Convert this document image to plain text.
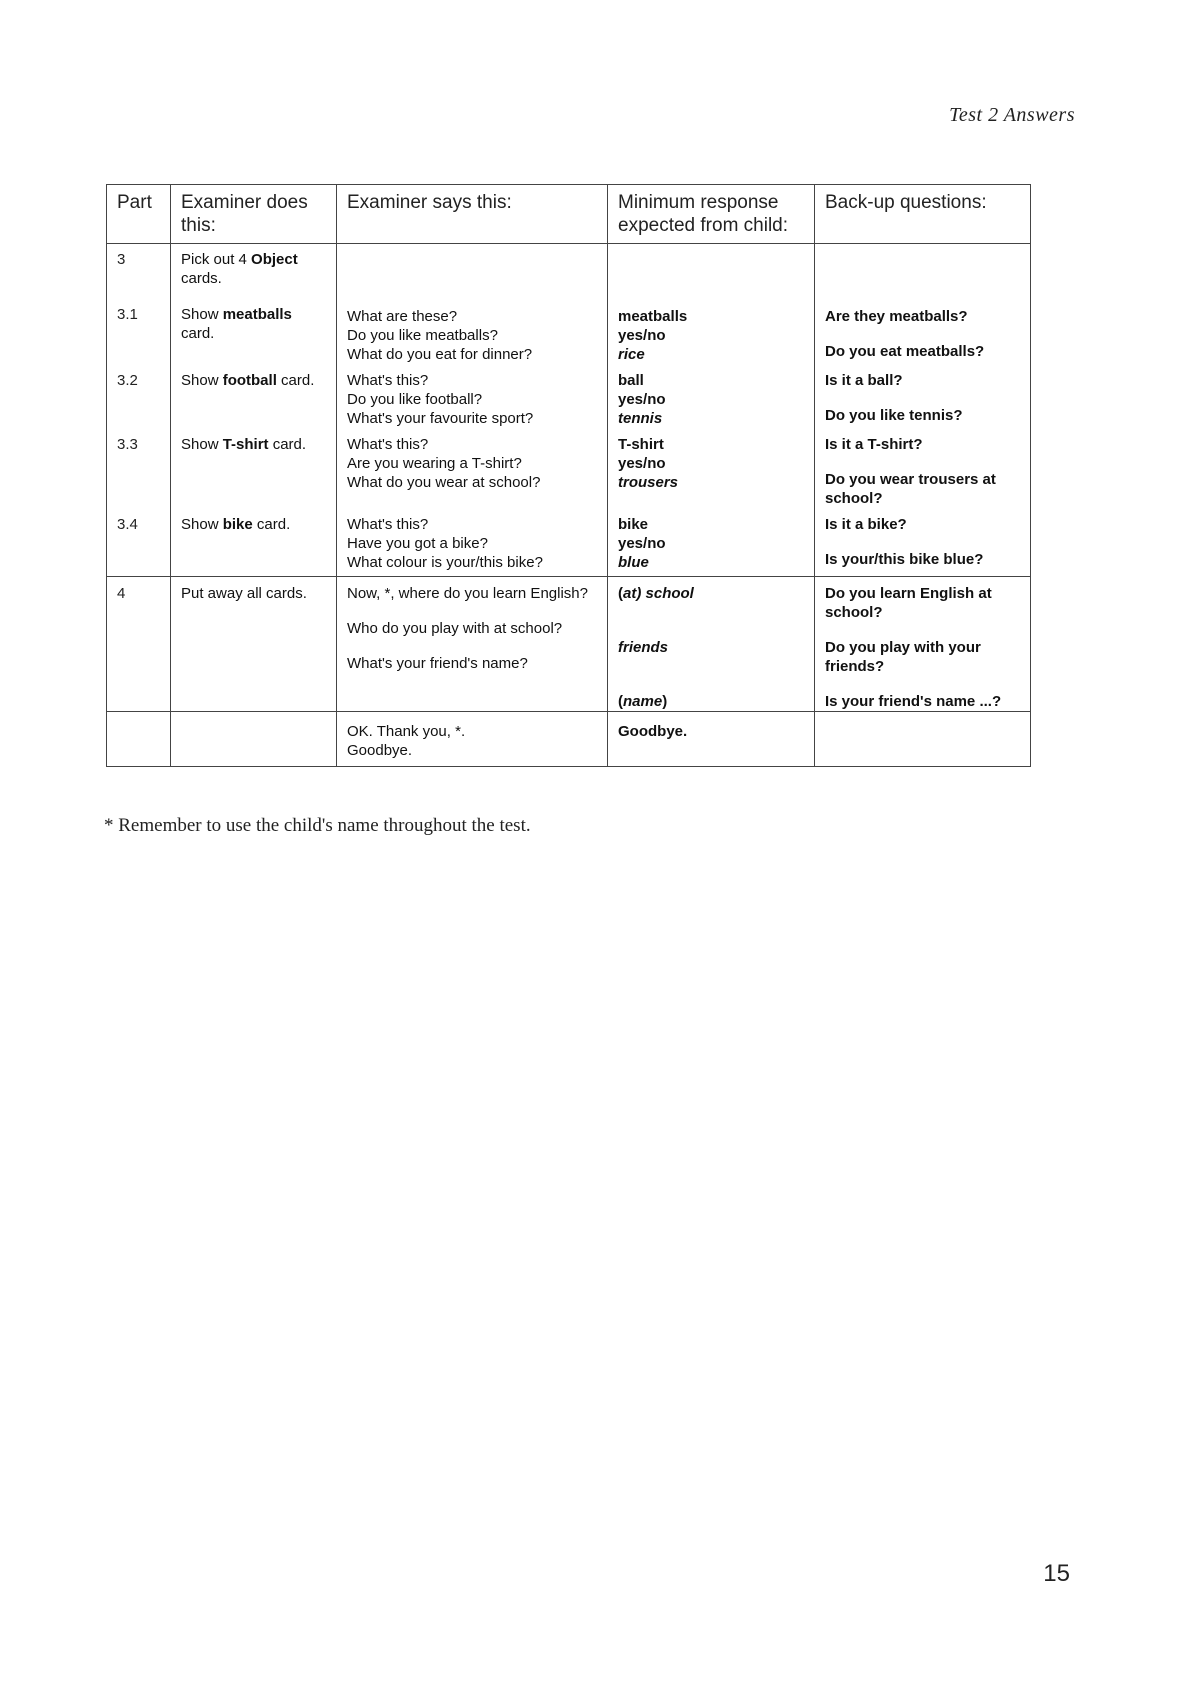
Test 2 Answers
Part	Examiner does this:	Examiner says this:	Minimum response expected from child:	Back-up questions:
3	Pick out 4 Object cards.			
3.1	Show meatballs card.	What are these?
Do you like meatballs?
What do you eat for dinner?	meatballs
yes/no
rice	Are they meatballs?
Do you eat meatballs?

3.2	Show football card.	What's this?
Do you like football?
What's your favourite sport?	ball
yes/no
tennis	Is it a ball?
Do you like tennis?

3.3	Show T-shirt card.	What's this?
Are you wearing a T-shirt?
What do you wear at school?	T-shirt
yes/no
trousers	Is it a T-shirt?
Do you wear trousers at school?

3.4	Show bike card.	What's this?
Have you got a bike?
What colour is your/this bike?	bike
yes/no
blue	Is it a bike?
Is your/this bike blue?

4	Put away all cards.	Now, *, where do you learn English?
Who do you play with at school?
What's your friend's name?	(at) school
friends
(name)	Do you learn English at school?
Do you play with your friends?
Is your friend's name ...?

		OK. Thank you, *.
Goodbye.	Goodbye.	

* Remember to use the child's name throughout the test.
15
